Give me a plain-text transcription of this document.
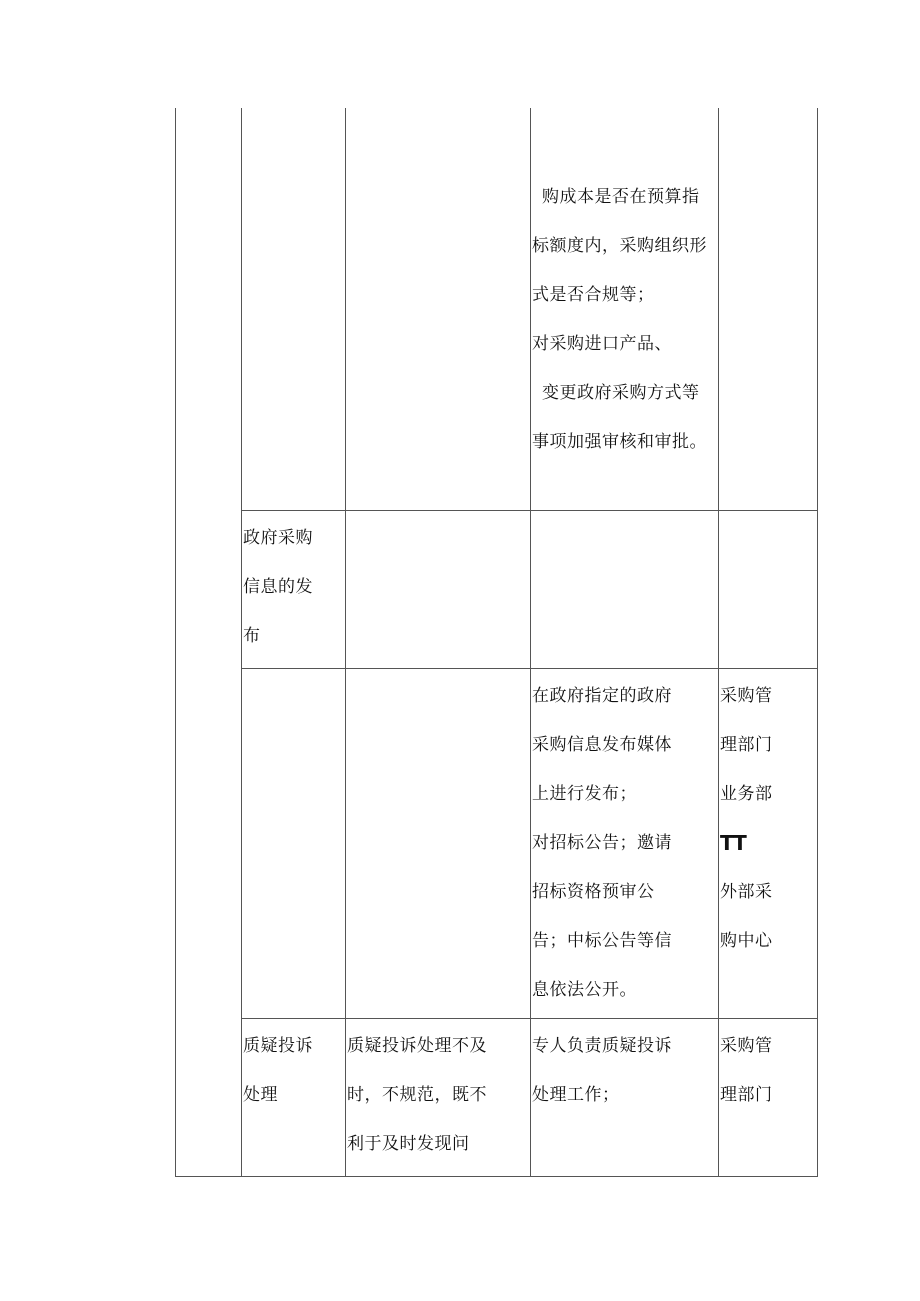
购成本是否在预算指
标额度内，采购组织形
式是否合规等；
对采购进口产品、
变更政府采购方式等
事项加强审核和审批。
政府采购
信息的发
布
在政府指定的政府
采购信息发布媒体
上进行发布；
对招标公告；邀请
招标资格预审公
告；中标公告等信
息依法公开。
采购管
理部门
业务部
TT
外部采
购中心
质疑投诉
处理
质疑投诉处理不及
时，不规范，既不
利于及时发现问
专人负责质疑投诉
处理工作；
采购管
理部门
